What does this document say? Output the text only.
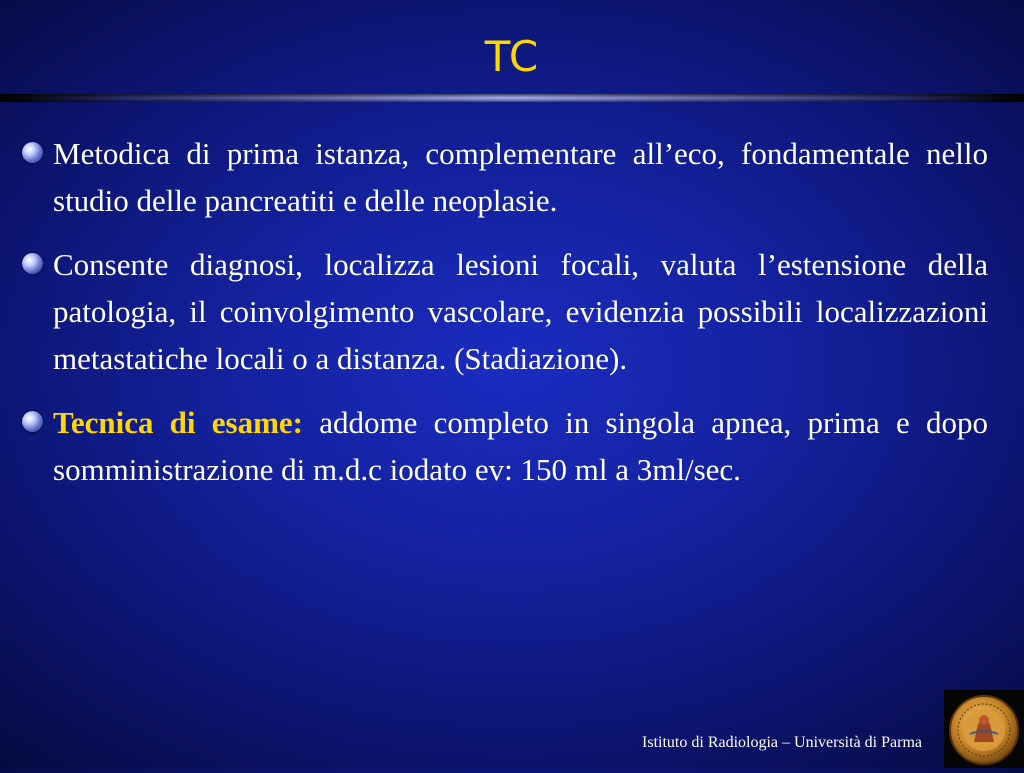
TC
Metodica di prima istanza, complementare all’eco, fondamentale nello studio delle pancreatiti e delle neoplasie.
Consente diagnosi, localizza lesioni focali, valuta l’estensione della patologia, il coinvolgimento vascolare, evidenzia possibili localizzazioni metastatiche locali o a distanza. (Stadiazione).
Tecnica di esame: addome completo in singola apnea, prima e dopo somministrazione di m.d.c iodato ev: 150 ml a 3ml/sec.
Istituto di Radiologia – Università di Parma
